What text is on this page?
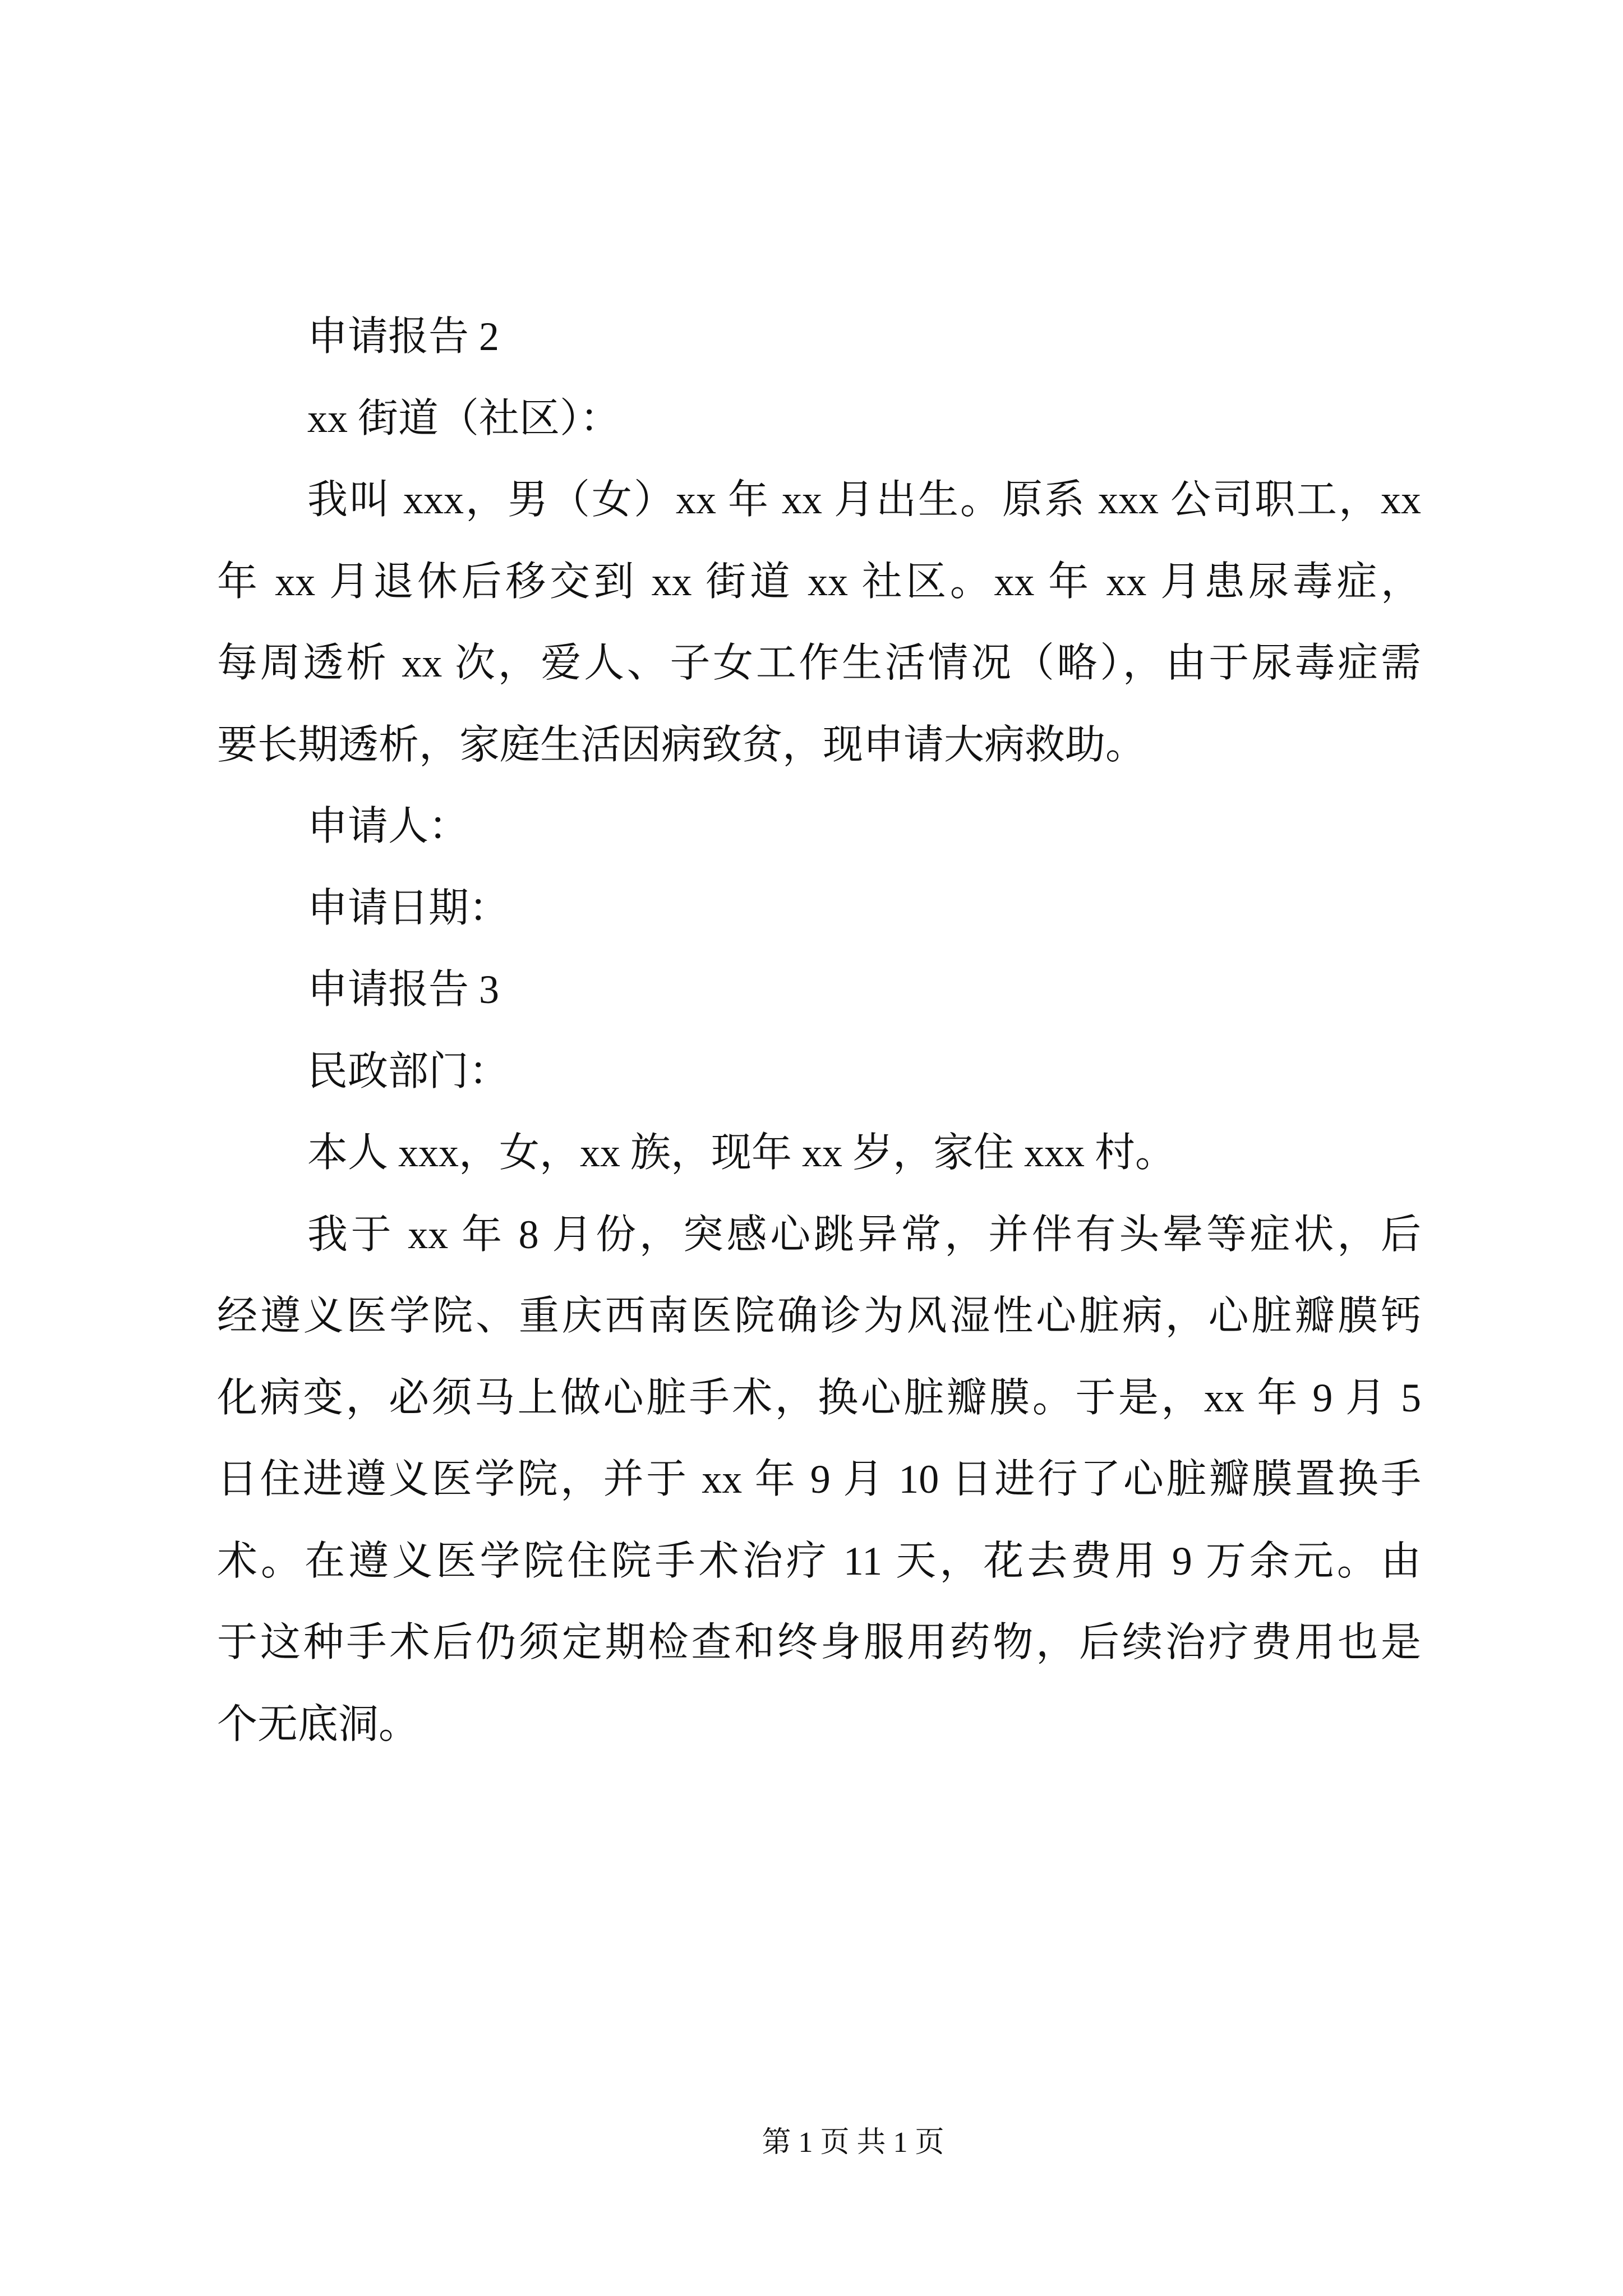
申请报告 2
xx 街道（社区）：
我叫 xxx，男（女）xx 年 xx 月出生。原系 xxx 公司职工，xx
年 xx 月退休后移交到 xx 街道 xx 社区。xx 年 xx 月患尿毒症，
每周透析 xx 次，爱人、子女工作生活情况（略），由于尿毒症需
要长期透析，家庭生活因病致贫，现申请大病救助。
申请人：
申请日期：
申请报告 3
民政部门：
本人 xxx，女，xx 族，现年 xx 岁，家住 xxx 村。
我于 xx 年 8 月份，突感心跳异常，并伴有头晕等症状，后
经遵义医学院、重庆西南医院确诊为风湿性心脏病，心脏瓣膜钙
化病变，必须马上做心脏手术，换心脏瓣膜。于是，xx 年 9 月 5
日住进遵义医学院，并于 xx 年 9 月 10 日进行了心脏瓣膜置换手
术。在遵义医学院住院手术治疗 11 天，花去费用 9 万余元。由
于这种手术后仍须定期检查和终身服用药物，后续治疗费用也是
个无底洞。
第 1 页 共 1 页
